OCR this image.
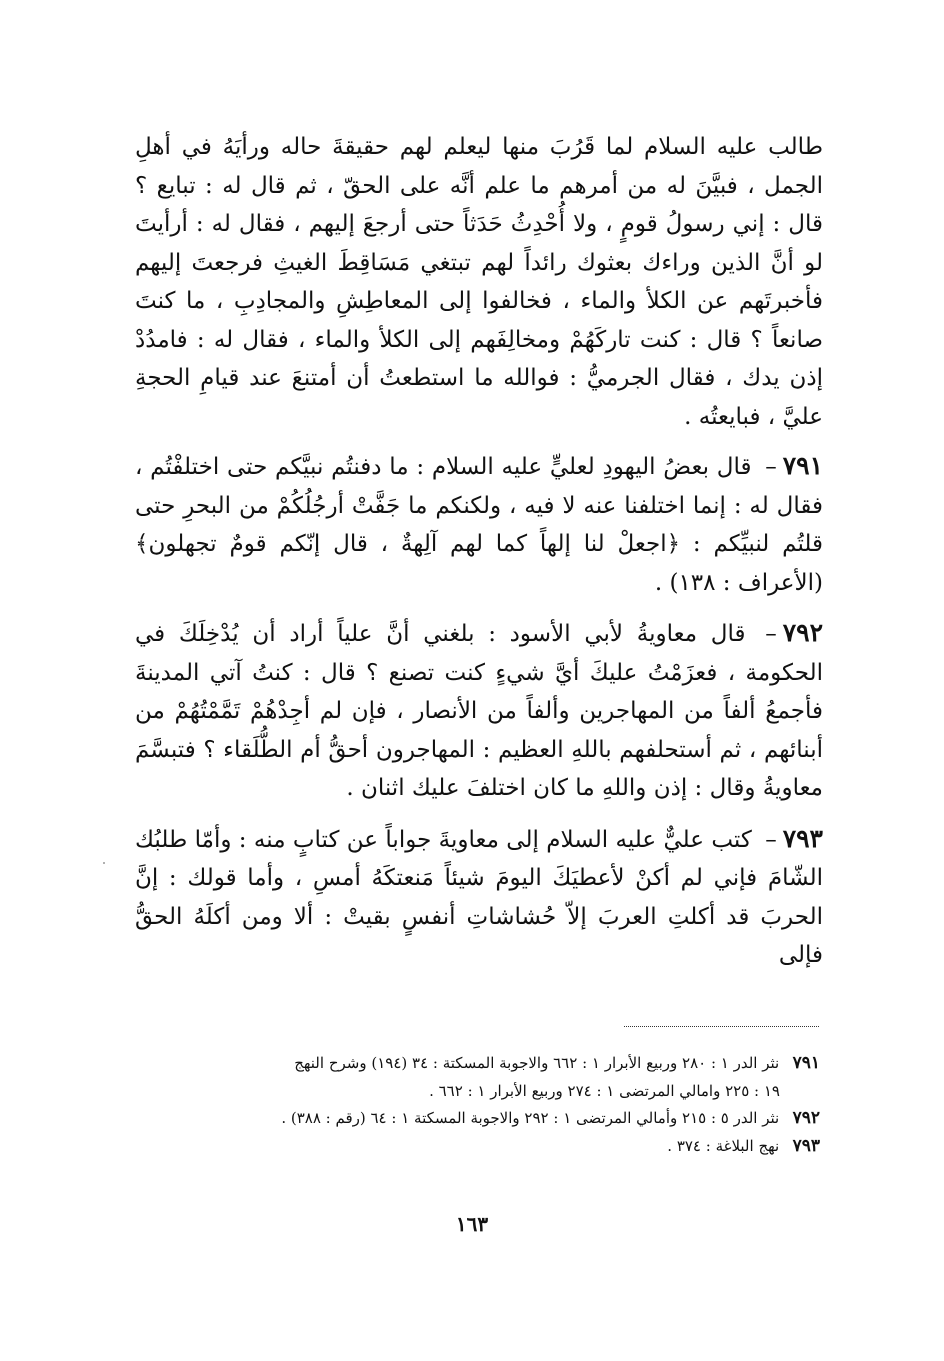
طالب عليه السلام لما قَرُبَ منها ليعلم لهم حقيقةَ حاله ورأيَهُ في أهلِ الجمل ، فبيَّنَ له من أمرهم ما علم أنَّه على الحقّ ، ثم قال له : تبايع ؟ قال : إني رسولُ قومٍ ، ولا أُحْدِثُ حَدَثاً حتى أرجعَ إليهم ، فقال له : أرأيتَ لو أنَّ الذين وراءك بعثوك رائداً لهم تبتغي مَسَاقِطَ الغيثِ فرجعتَ إليهم فأخبرتَهم عن الكلأ والماء ، فخالفوا إلى المعاطِشِ والمجادِبِ ، ما كنتَ صانعاً ؟ قال : كنت تاركَهُمْ ومخالِفَهم إلى الكلأ والماء ، فقال له : فامدُدْ إذن يدك ، فقال الجرميُّ : فوالله ما استطعتُ أن أمتنعَ عند قيامِ الحجةِ عليَّ ، فبايعتُه .

٧٩١– قال بعضُ اليهودِ لعليٍّ عليه السلام : ما دفنتُم نبيَّكم حتى اختلفْتُم ، فقال له : إنما اختلفنا عنه لا فيه ، ولكنكم ما جَفَّتْ أرجُلُكُمْ من البحرِ حتى قلتُم لنبيِّكم : ﴿اجعلْ لنا إلهاً كما لهم آلِهةٌ ، قال إنّكم قومٌ تجهلون﴾ (الأعراف : ١٣٨) .

٧٩٢– قال معاويةُ لأبي الأسود : بلغني أنَّ علياً أراد أن يُدْخِلَكَ في الحكومة ، فعزَمْتُ عليكَ أيَّ شيءٍ كنت تصنع ؟ قال : كنتُ آتي المدينةَ فأجمعُ ألفاً من المهاجرين وألفاً من الأنصار ، فإن لم أجِدْهُمْ تَمَّمْتُهُمْ من أبنائهم ، ثم أستحلفهم باللهِ العظيم : المهاجرون أحقُّ أم الطُّلَقاء ؟ فتبسَّمَ معاويةُ وقال : إذن واللهِ ما كان اختلفَ عليك اثنان .

٧٩٣– كتب عليٌّ عليه السلام إلى معاويةَ جواباً عن كتابٍ منه : وأمّا طلبُك الشّامَ فإني لم أكنْ لأعطيَكَ اليومَ شيئاً مَنعتكَهُ أمسِ ، وأما قولك : إنَّ الحربَ قد أكلتِ العربَ إلاّ حُشاشاتِ أنفسٍ بقيتْ : ألا ومن أكلَهُ الحقُّ فإلى

٧٩١ نثر الدر ١ : ٢٨٠ وربيع الأبرار ١ : ٦٦٢ والاجوبة المسكتة : ٣٤ (١٩٤) وشرح النهج
١٩ : ٢٢٥ وامالي المرتضى ١ : ٢٧٤ وربيع الأبرار ١ : ٦٦٢ .
٧٩٢ نثر الدر ٥ : ٢١٥ وأمالي المرتضى ١ : ٢٩٢ والاجوبة المسكتة ١ : ٦٤ (رقم : ٣٨٨) .
٧٩٣ نهج البلاغة : ٣٧٤ .
١٦٣
